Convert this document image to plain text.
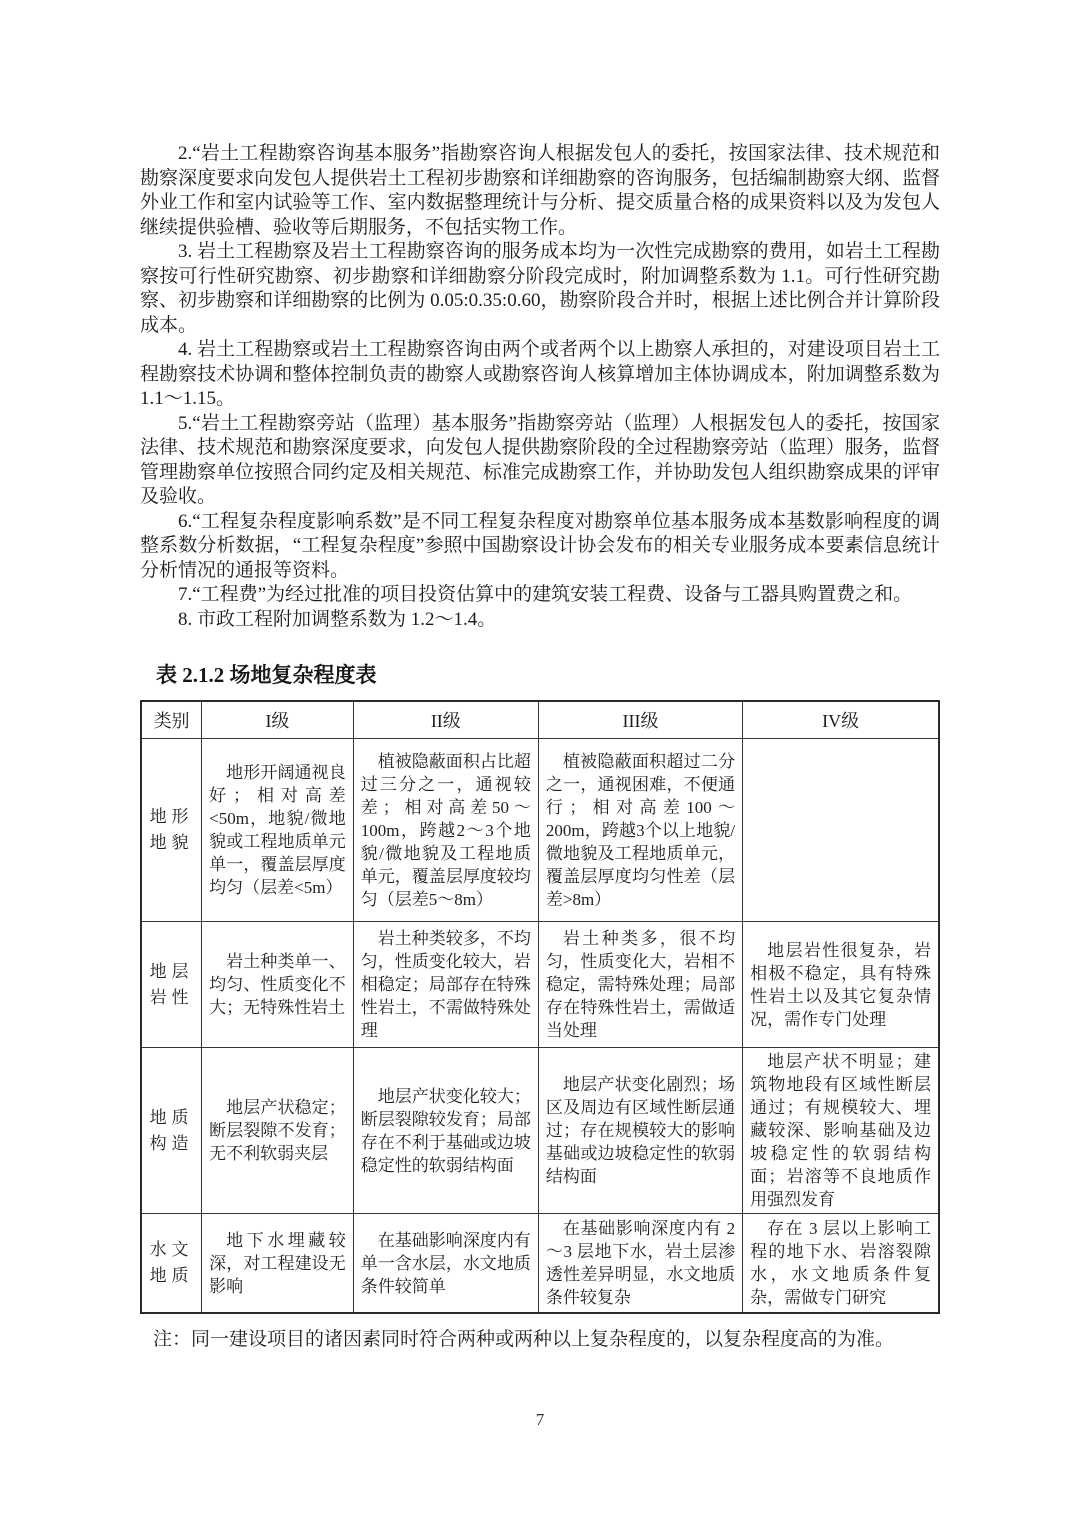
2.“岩土工程勘察咨询基本服务”指勘察咨询人根据发包人的委托，按国家法律、技术规范和勘察深度要求向发包人提供岩土工程初步勘察和详细勘察的咨询服务，包括编制勘察大纲、监督外业工作和室内试验等工作、室内数据整理统计与分析、提交质量合格的成果资料以及为发包人继续提供验槽、验收等后期服务，不包括实物工作。

3. 岩土工程勘察及岩土工程勘察咨询的服务成本均为一次性完成勘察的费用，如岩土工程勘察按可行性研究勘察、初步勘察和详细勘察分阶段完成时，附加调整系数为 1.1。可行性研究勘察、初步勘察和详细勘察的比例为 0.05:0.35:0.60，勘察阶段合并时，根据上述比例合并计算阶段成本。

4. 岩土工程勘察或岩土工程勘察咨询由两个或者两个以上勘察人承担的，对建设项目岩土工程勘察技术协调和整体控制负责的勘察人或勘察咨询人核算增加主体协调成本，附加调整系数为 1.1～1.15。

5.“岩土工程勘察旁站（监理）基本服务”指勘察旁站（监理）人根据发包人的委托，按国家法律、技术规范和勘察深度要求，向发包人提供勘察阶段的全过程勘察旁站（监理）服务，监督管理勘察单位按照合同约定及相关规范、标准完成勘察工作，并协助发包人组织勘察成果的评审及验收。

6.“工程复杂程度影响系数”是不同工程复杂程度对勘察单位基本服务成本基数影响程度的调整系数分析数据，“工程复杂程度”参照中国勘察设计协会发布的相关专业服务成本要素信息统计分析情况的通报等资料。

7.“工程费”为经过批准的项目投资估算中的建筑安装工程费、设备与工器具购置费之和。

8. 市政工程附加调整系数为 1.2～1.4。

表 2.1.2 场地复杂程度表
类别	I级	II级	III级	IV级
地形地貌	地形开阔通视良好；相对高差<50m，地貌/微地貌或工程地质单元单一，覆盖层厚度均匀（层差<5m）	植被隐蔽面积占比超过三分之一，通视较差；相对高差50～100m，跨越2～3个地貌/微地貌及工程地质单元，覆盖层厚度较均匀（层差5～8m）	植被隐蔽面积超过二分之一，通视困难，不便通行；相对高差100～200m，跨越3个以上地貌/微地貌及工程地质单元，覆盖层厚度均匀性差（层差>8m）	
地层岩性	岩土种类单一、均匀、性质变化不大；无特殊性岩土	岩土种类较多，不均匀，性质变化较大，岩相稳定；局部存在特殊性岩土，不需做特殊处理	岩土种类多，很不均匀，性质变化大，岩相不稳定，需特殊处理；局部存在特殊性岩土，需做适当处理	地层岩性很复杂，岩相极不稳定，具有特殊性岩土以及其它复杂情况，需作专门处理
地质构造	地层产状稳定；断层裂隙不发育；无不利软弱夹层	地层产状变化较大；断层裂隙较发育；局部存在不利于基础或边坡稳定性的软弱结构面	地层产状变化剧烈；场区及周边有区域性断层通过；存在规模较大的影响基础或边坡稳定性的软弱结构面	地层产状不明显；建筑物地段有区域性断层通过；有规模较大、埋藏较深、影响基础及边坡稳定性的软弱结构面；岩溶等不良地质作用强烈发育
水文地质	地下水埋藏较深，对工程建设无影响	在基础影响深度内有单一含水层，水文地质条件较简单	在基础影响深度内有 2～3 层地下水，岩土层渗透性差异明显，水文地质条件较复杂	存在 3 层以上影响工程的地下水、岩溶裂隙水，水文地质条件复杂，需做专门研究

注：同一建设项目的诸因素同时符合两种或两种以上复杂程度的，以复杂程度高的为准。

7
